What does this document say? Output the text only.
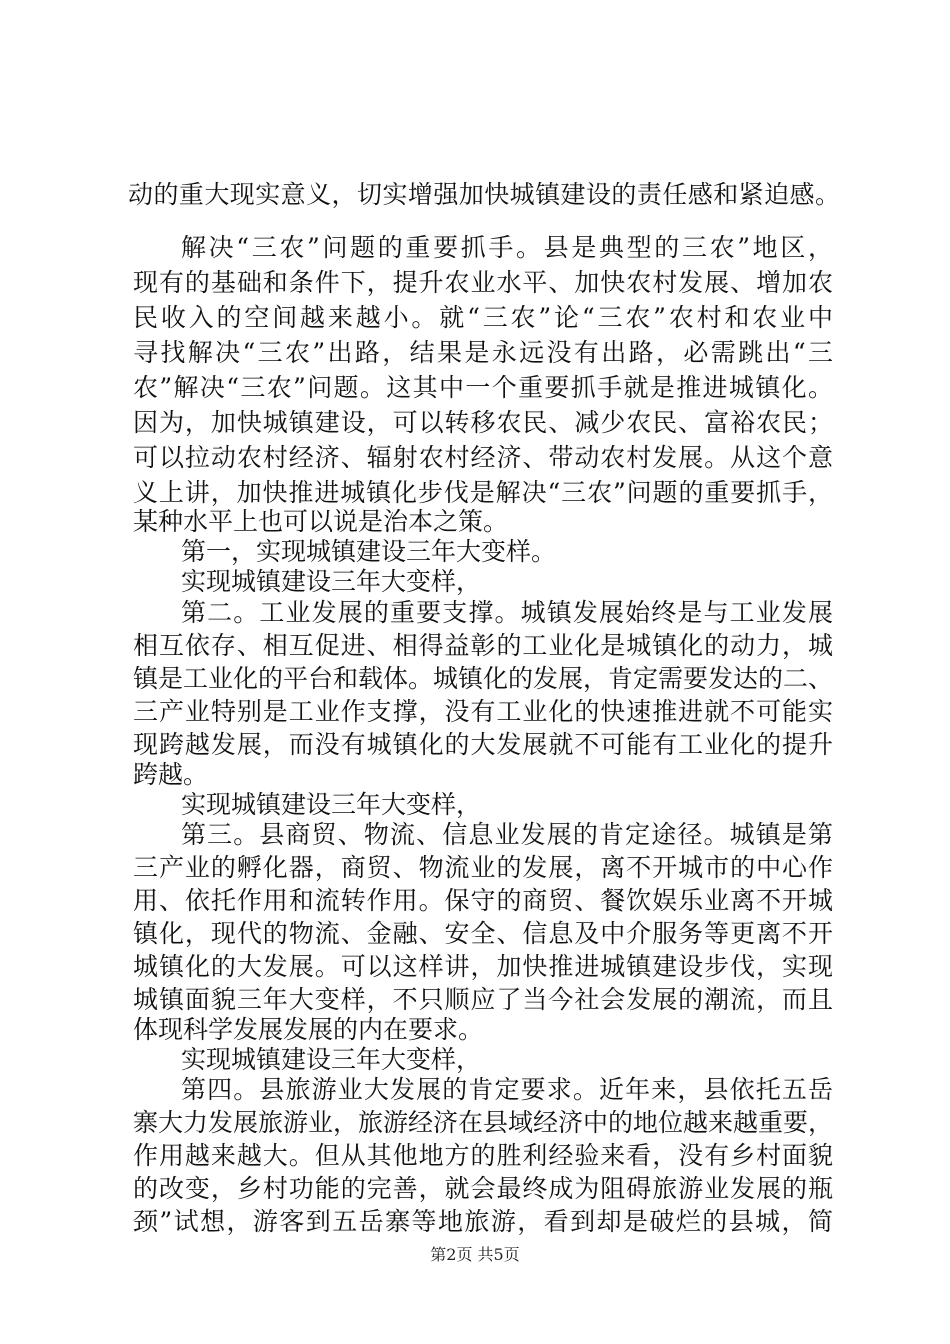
动的重大现实意义，切实增强加快城镇建设的责任感和紧迫感。
解决“三农”问题的重要抓手。县是典型的三农”地区，
现有的基础和条件下，提升农业水平、加快农村发展、增加农
民收入的空间越来越小。就“三农”论“三农”农村和农业中
寻找解决“三农”出路，结果是永远没有出路，必需跳出“三
农”解决“三农”问题。这其中一个重要抓手就是推进城镇化。
因为，加快城镇建设，可以转移农民、减少农民、富裕农民；
可以拉动农村经济、辐射农村经济、带动农村发展。从这个意
义上讲，加快推进城镇化步伐是解决“三农”问题的重要抓手，
某种水平上也可以说是治本之策。
第一，实现城镇建设三年大变样。
实现城镇建设三年大变样，
第二。工业发展的重要支撑。城镇发展始终是与工业发展
相互依存、相互促进、相得益彰的工业化是城镇化的动力，城
镇是工业化的平台和载体。城镇化的发展，肯定需要发达的二、
三产业特别是工业作支撑，没有工业化的快速推进就不可能实
现跨越发展，而没有城镇化的大发展就不可能有工业化的提升
跨越。
实现城镇建设三年大变样，
第三。县商贸、物流、信息业发展的肯定途径。城镇是第
三产业的孵化器，商贸、物流业的发展，离不开城市的中心作
用、依托作用和流转作用。保守的商贸、餐饮娱乐业离不开城
镇化，现代的物流、金融、安全、信息及中介服务等更离不开
城镇化的大发展。可以这样讲，加快推进城镇建设步伐，实现
城镇面貌三年大变样，不只顺应了当今社会发展的潮流，而且
体现科学发展发展的内在要求。
实现城镇建设三年大变样，
第四。县旅游业大发展的肯定要求。近年来，县依托五岳
寨大力发展旅游业，旅游经济在县域经济中的地位越来越重要，
作用越来越大。但从其他地方的胜利经验来看，没有乡村面貌
的改变，乡村功能的完善，就会最终成为阻碍旅游业发展的瓶
颈”试想，游客到五岳寨等地旅游，看到却是破烂的县城，简
第2页 共5页
